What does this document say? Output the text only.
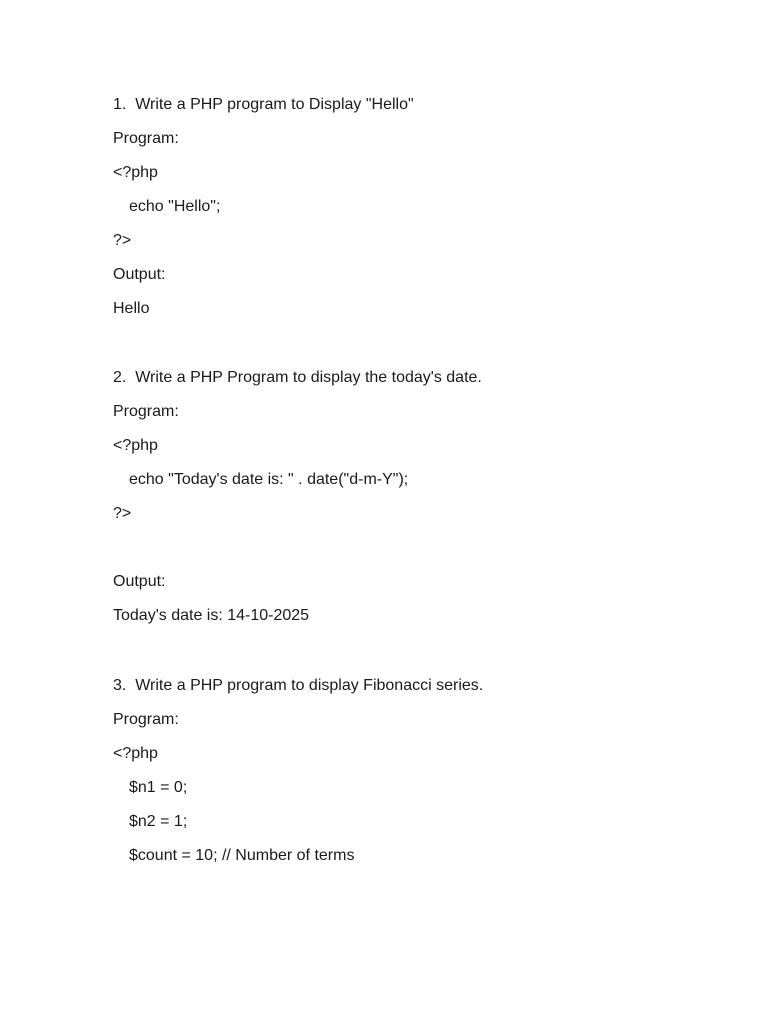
1.  Write a PHP program to Display "Hello"
Program:
<?php
echo "Hello";
?>
Output:
Hello
2.  Write a PHP Program to display the today's date.
Program:
<?php
echo "Today's date is: " . date("d-m-Y");
?>
Output:
Today's date is: 14-10-2025
3.  Write a PHP program to display Fibonacci series.
Program:
<?php
$n1 = 0;
$n2 = 1;
$count = 10; // Number of terms
